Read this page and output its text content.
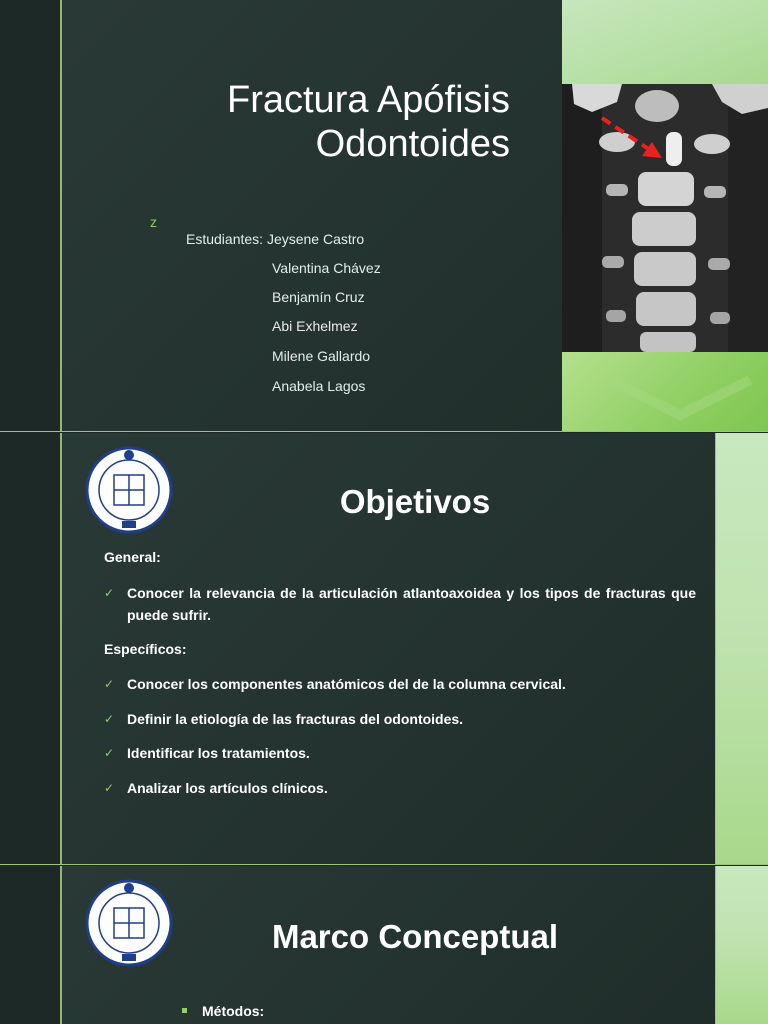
Fractura Apófisis
Odontoides
z
Estudiantes: Jeysene Castro
Valentina Chávez
Benjamín Cruz
Abi Exhelmez
Milene Gallardo
Anabela Lagos
Objetivos
General:
✓ Conocer la relevancia de la articulación atlantoaxoidea y los tipos de fracturas que puede sufrir.
Específicos:
✓ Conocer los componentes anatómicos del de la columna cervical.
✓ Definir la etiología de las fracturas del odontoides.
✓ Identificar los tratamientos.
✓ Analizar los artículos clínicos.
Marco Conceptual
Métodos:
